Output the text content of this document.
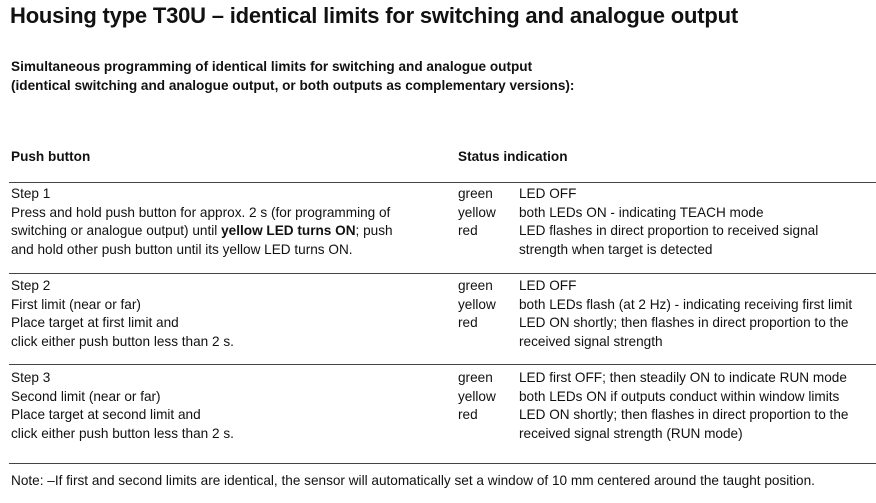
Housing type T30U – identical limits for switching and analogue output
Simultaneous programming of identical limits for switching and analogue output
(identical switching and analogue output, or both outputs as complementary versions):
Push button	Status indication
Step 1
Press and hold push button for approx. 2 s (for programming of
switching or analogue output) until yellow LED turns ON; push
and hold other push button until its yellow LED turns ON.
green
yellow
red
LED OFF
both LEDs ON - indicating TEACH mode
LED flashes in direct proportion to received signal
strength when target is detected
Step 2
First limit (near or far)
Place target at first limit and
click either push button less than 2 s.
green
yellow
red
LED OFF
both LEDs flash (at 2 Hz) - indicating receiving first limit
LED ON shortly; then flashes in direct proportion to the
received signal strength
Step 3
Second limit (near or far)
Place target at second limit and
click either push button less than 2 s.
green
yellow
red
LED first OFF; then steadily ON to indicate RUN mode
both LEDs ON if outputs conduct within window limits
LED ON shortly; then flashes in direct proportion to the
received signal strength (RUN mode)
Note: –If first and second limits are identical, the sensor will automatically set a window of 10 mm centered around the taught position.
